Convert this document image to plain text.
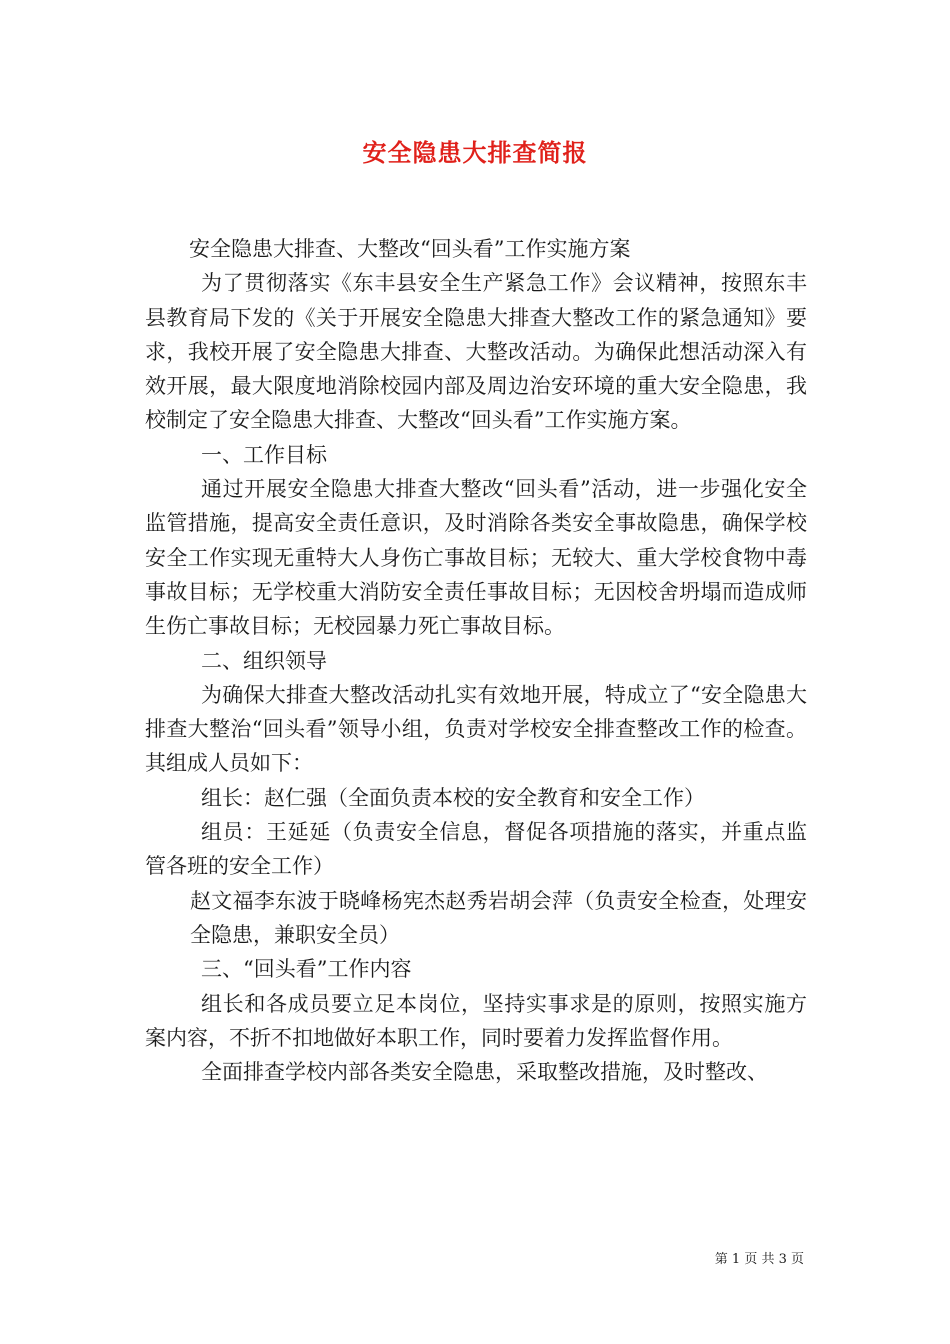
安全隐患大排查简报

安全隐患大排查、大整改“回头看”工作实施方案

为了贯彻落实《东丰县安全生产紧急工作》会议精神，按照东丰县教育局下发的《关于开展安全隐患大排查大整改工作的紧急通知》要求，我校开展了安全隐患大排查、大整改活动。为确保此想活动深入有效开展，最大限度地消除校园内部及周边治安环境的重大安全隐患，我校制定了安全隐患大排查、大整改“回头看”工作实施方案。

一、工作目标

通过开展安全隐患大排查大整改“回头看”活动，进一步强化安全监管措施，提高安全责任意识，及时消除各类安全事故隐患，确保学校安全工作实现无重特大人身伤亡事故目标；无较大、重大学校食物中毒事故目标；无学校重大消防安全责任事故目标；无因校舍坍塌而造成师生伤亡事故目标；无校园暴力死亡事故目标。

二、组织领导

为确保大排查大整改活动扎实有效地开展，特成立了“安全隐患大排查大整治“回头看”领导小组，负责对学校安全排查整改工作的检查。其组成人员如下：

组长：赵仁强（全面负责本校的安全教育和安全工作）

组员：王延延（负责安全信息，督促各项措施的落实，并重点监管各班的安全工作）

赵文福李东波于晓峰杨宪杰赵秀岩胡会萍（负责安全检查，处理安全隐患，兼职安全员）

三、“回头看”工作内容

组长和各成员要立足本岗位，坚持实事求是的原则，按照实施方案内容，不折不扣地做好本职工作，同时要着力发挥监督作用。

全面排查学校内部各类安全隐患，采取整改措施，及时整改、

第 1 页 共 3 页
